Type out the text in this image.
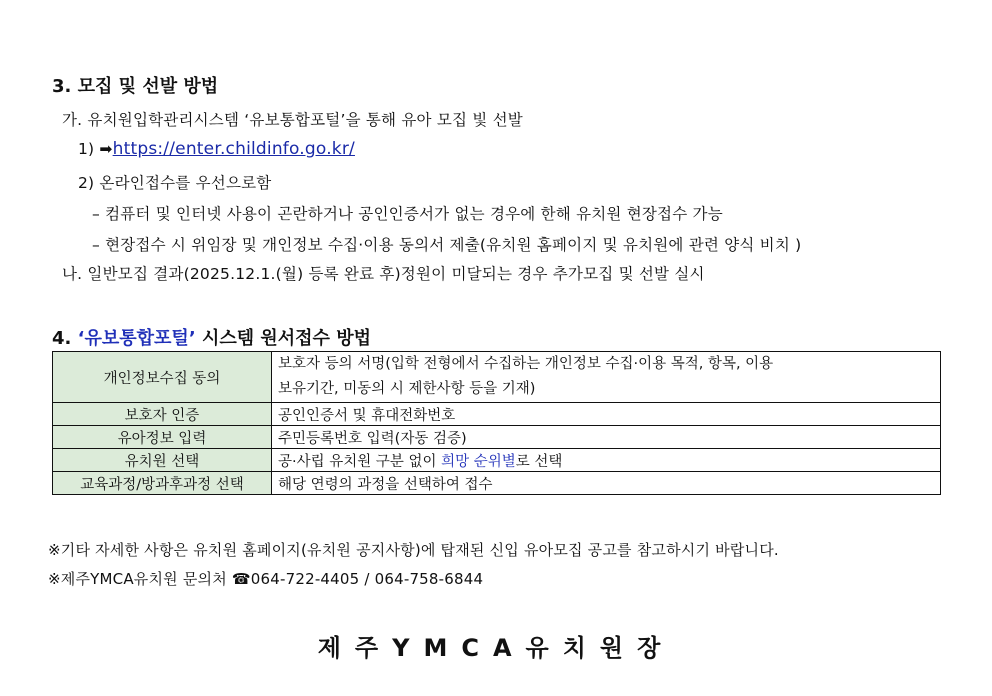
3. 모집 및 선발 방법
가. 유치원입학관리시스템 ‘유보통합포털’을 통해 유아 모집 빛 선발
1) ➡https://enter.childinfo.go.kr/
2) 온라인접수를 우선으로함
– 컴퓨터 및 인터넷 사용이 곤란하거나 공인인증서가 없는 경우에 한해 유치원 현장접수 가능
– 현장접수 시 위임장 및 개인정보 수집·이용 동의서 제출(유치원 홈페이지 및 유치원에 관련 양식 비치 )
나. 일반모집 결과(2025.12.1.(월) 등록 완료 후)정원이 미달되는 경우 추가모집 및 선발 실시
4. ‘유보통합포털’ 시스템 원서접수 방법
개인정보수집 동의	보호자 등의 서명(입학 전형에서 수집하는 개인정보 수집·이용 목적, 항목, 이용
보유기간, 미동의 시 제한사항 등을 기재)

보호자 인증	공인인증서 및 휴대전화번호
유아정보 입력	주민등록번호 입력(자동 검증)
유치원 선택	공·사립 유치원 구분 없이 희망 순위별로 선택
교육과정/방과후과정 선택	해당 연령의 과정을 선택하여 접수
※기타 자세한 사항은 유치원 홈페이지(유치원 공지사항)에 탑재된 신입 유아모집 공고를 참고하시기 바랍니다.
※제주YMCA유치원 문의처 ☎064-722-4405 / 064-758-6844
제주YMCA유치원장
